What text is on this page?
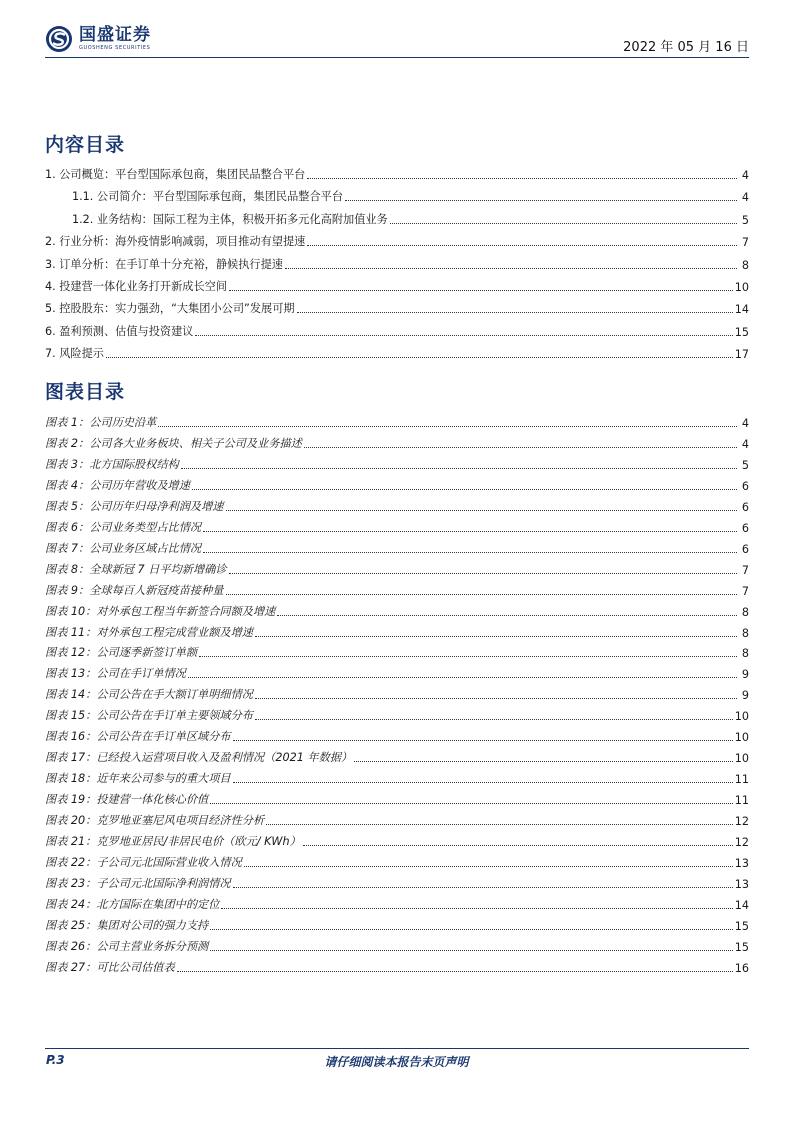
国盛证券
GUOSHENG SECURITIES	2022 年 05 月 16 日
内容目录
1. 公司概览：平台型国际承包商，集团民品整合平台	4
1.1. 公司简介：平台型国际承包商，集团民品整合平台	4
1.2. 业务结构：国际工程为主体，积极开拓多元化高附加值业务	5
2. 行业分析：海外疫情影响减弱，项目推动有望提速	7
3. 订单分析：在手订单十分充裕，静候执行提速	8
4. 投建营一体化业务打开新成长空间	10
5. 控股股东：实力强劲，“大集团小公司”发展可期	14
6. 盈利预测、估值与投资建议	15
7. 风险提示	17
图表目录
图表 1：公司历史沿革	4
图表 2：公司各大业务板块、相关子公司及业务描述	4
图表 3：北方国际股权结构	5
图表 4：公司历年营收及增速	6
图表 5：公司历年归母净利润及增速	6
图表 6：公司业务类型占比情况	6
图表 7：公司业务区域占比情况	6
图表 8：全球新冠 7 日平均新增确诊	7
图表 9：全球每百人新冠疫苗接种量	7
图表 10：对外承包工程当年新签合同额及增速	8
图表 11：对外承包工程完成营业额及增速	8
图表 12：公司逐季新签订单额	8
图表 13：公司在手订单情况	9
图表 14：公司公告在手大额订单明细情况	9
图表 15：公司公告在手订单主要领域分布	10
图表 16：公司公告在手订单区域分布	10
图表 17：已经投入运营项目收入及盈利情况（2021 年数据）	10
图表 18：近年来公司参与的重大项目	11
图表 19：投建营一体化核心价值	11
图表 20：克罗地亚塞尼风电项目经济性分析	12
图表 21：克罗地亚居民/非居民电价（欧元/ KWh）	12
图表 22：子公司元北国际营业收入情况	13
图表 23：子公司元北国际净利润情况	13
图表 24：北方国际在集团中的定位	14
图表 25：集团对公司的强力支持	15
图表 26：公司主营业务拆分预测	15
图表 27：可比公司估值表	16
P.3	请仔细阅读本报告末页声明
